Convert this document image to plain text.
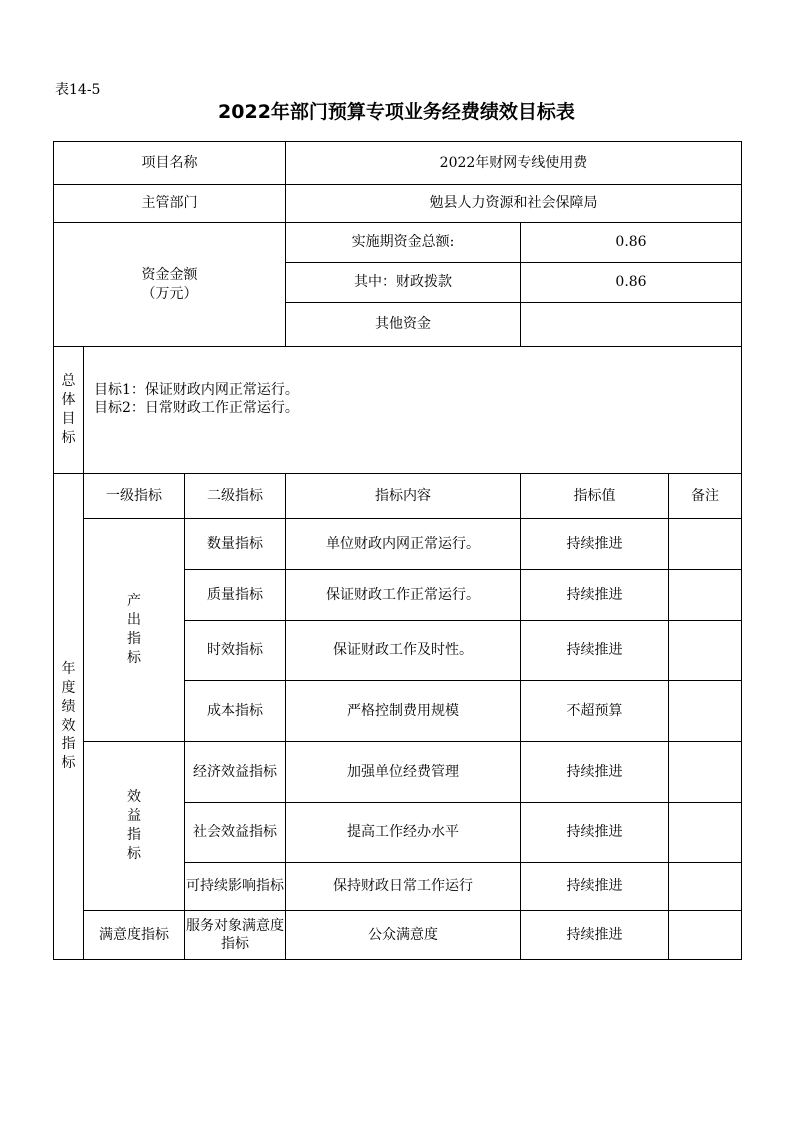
表14-5
2022年部门预算专项业务经费绩效目标表
项目名称			2022年财网专线使用费		
主管部门			勉县人力资源和社会保障局		

资金金额
（万元）			实施期资金总额:	0.86	
			其中：财政拨款	0.86	
			其他资金		
总体目标	目标1：保证财政内网正常运行。
目标2：日常财政工作正常运行。				

年度绩效指标	一级指标	二级指标	指标内容	指标值	备注
	产出指标	数量指标	单位财政内网正常运行。	持续推进	
		质量指标	保证财政工作正常运行。	持续推进	
		时效指标	保证财政工作及时性。	持续推进	
		成本指标	严格控制费用规模	不超预算	
	效益指标	经济效益指标	加强单位经费管理	持续推进	
		社会效益指标	提高工作经办水平	持续推进	
		可持续影响指标	保持财政日常工作运行	持续推进	
	满意度指标	服务对象满意度指标	公众满意度	持续推进	
